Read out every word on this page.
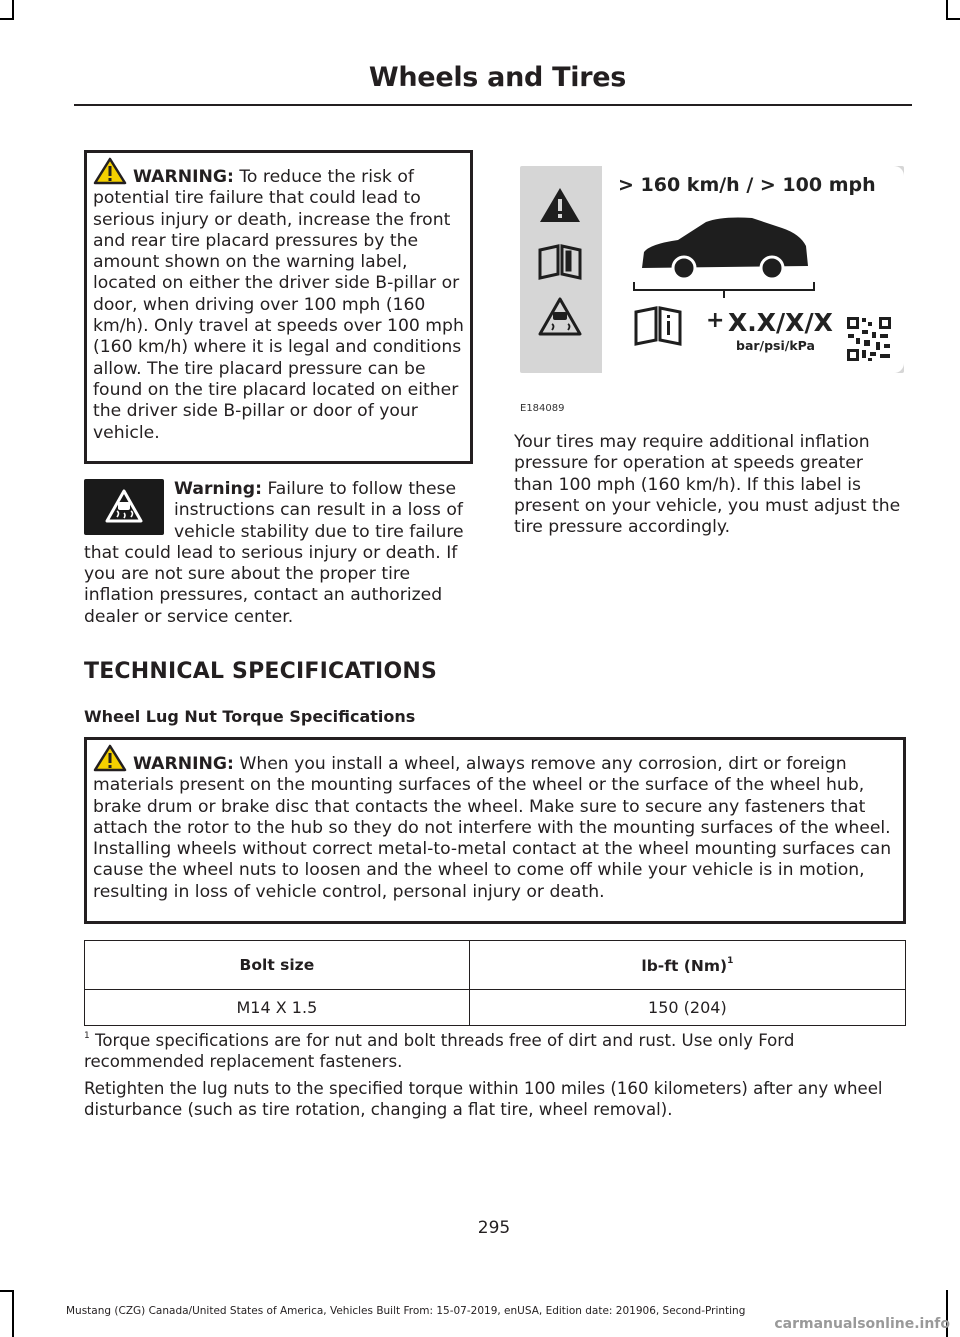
Wheels and Tires

WARNING: To reduce the risk of potential tire failure that could lead to serious injury or death, increase the front and rear tire placard pressures by the amount shown on the warning label, located on either the driver side B-pillar or door, when driving over 100 mph (160 km/h). Only travel at speeds over 100 mph (160 km/h) where it is legal and conditions allow. The tire placard pressure can be found on the tire placard located on either the driver side B-pillar or door of your vehicle.

Warning: Failure to follow these instructions can result in a loss of vehicle stability due to tire failure that could lead to serious injury or death. If you are not sure about the proper tire inflation pressures, contact an authorized dealer or service center.
> 160 km/h / > 100 mph
+ X.X/X/X
bar/psi/kPa
E184089

Your tires may require additional inflation pressure for operation at speeds greater than 100 mph (160 km/h). If this label is present on your vehicle, you must adjust the tire pressure accordingly.

TECHNICAL SPECIFICATIONS
Wheel Lug Nut Torque Specifications

WARNING: When you install a wheel, always remove any corrosion, dirt or foreign materials present on the mounting surfaces of the wheel or the surface of the wheel hub, brake drum or brake disc that contacts the wheel. Make sure to secure any fasteners that attach the rotor to the hub so they do not interfere with the mounting surfaces of the wheel. Installing wheels without correct metal-to-metal contact at the wheel mounting surfaces can cause the wheel nuts to loosen and the wheel to come off while your vehicle is in motion, resulting in loss of vehicle control, personal injury or death.

Bolt size	lb-ft $(Nm)^1$
M14 X 1.5	150 (204)

$^1$ Torque specifications are for nut and bolt threads free of dirt and rust. Use only Ford recommended replacement fasteners.

Retighten the lug nuts to the specified torque within 100 miles (160 kilometers) after any wheel disturbance (such as tire rotation, changing a flat tire, wheel removal).

295
Mustang (CZG) Canada/United States of America, Vehicles Built From: 15-07-2019, enUSA, Edition date: 201906, Second-Printing
carmanualsonline.info
